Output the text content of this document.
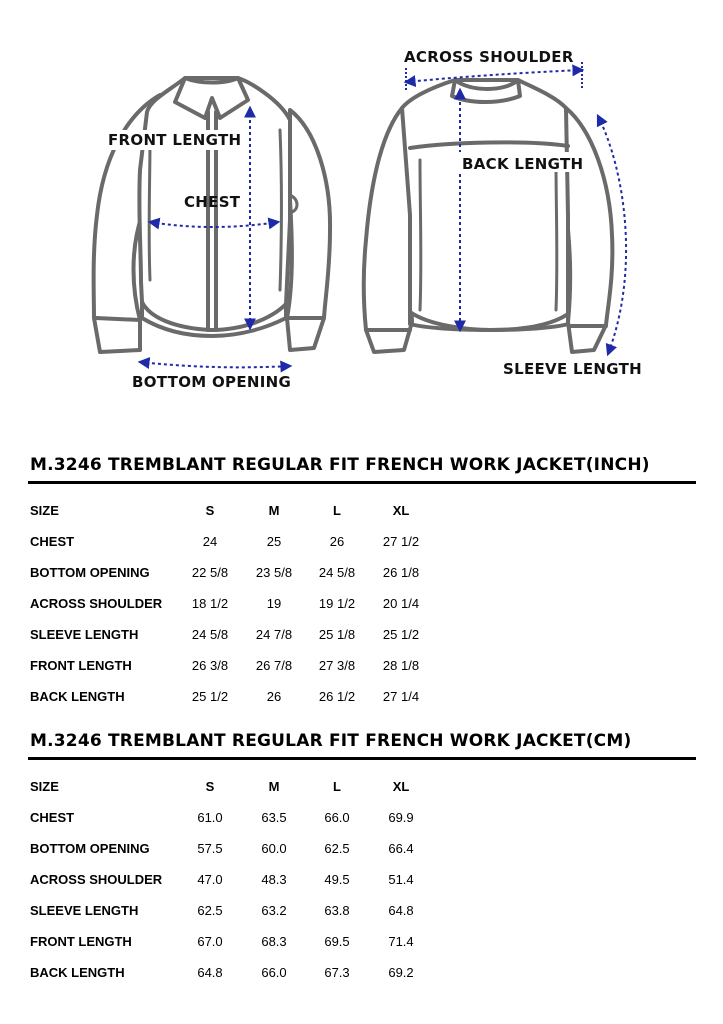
FRONT LENGTH
CHEST
BOTTOM OPENING
ACROSS SHOULDER
BACK LENGTH
SLEEVE LENGTH
M.3246 TREMBLANT REGULAR FIT FRENCH WORK JACKET(INCH)
SIZE	S	M	L	XL
CHEST	24	25	26	27 1/2
BOTTOM OPENING	22 5/8	23 5/8	24 5/8	26 1/8
ACROSS SHOULDER	18 1/2	19	19 1/2	20 1/4
SLEEVE LENGTH	24 5/8	24 7/8	25 1/8	25 1/2
FRONT LENGTH	26 3/8	26 7/8	27 3/8	28 1/8
BACK LENGTH	25 1/2	26	26 1/2	27 1/4
M.3246 TREMBLANT REGULAR FIT FRENCH WORK JACKET(CM)
SIZE	S	M	L	XL
CHEST	61.0	63.5	66.0	69.9
BOTTOM OPENING	57.5	60.0	62.5	66.4
ACROSS SHOULDER	47.0	48.3	49.5	51.4
SLEEVE LENGTH	62.5	63.2	63.8	64.8
FRONT LENGTH	67.0	68.3	69.5	71.4
BACK LENGTH	64.8	66.0	67.3	69.2
